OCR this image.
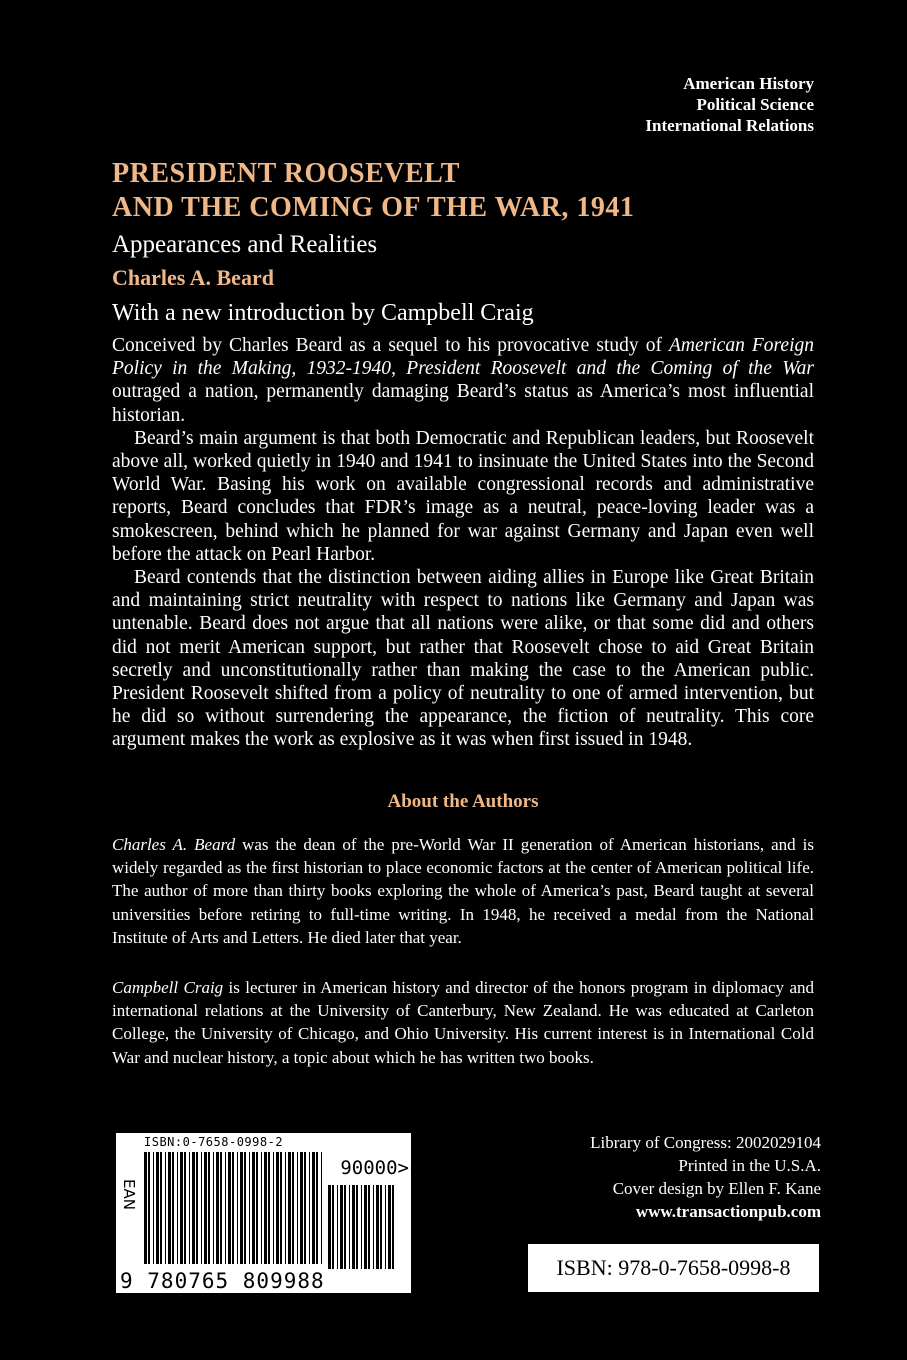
American History
Political Science
International Relations
PRESIDENT ROOSEVELT
AND THE COMING OF THE WAR, 1941
Appearances and Realities
Charles A. Beard
With a new introduction by Campbell Craig

Conceived by Charles Beard as a sequel to his provocative study of American Foreign Policy in the Making, 1932-1940, President Roosevelt and the Coming of the War outraged a nation, permanently damaging Beard’s status as America’s most influential historian.

Beard’s main argument is that both Democratic and Republican leaders, but Roosevelt above all, worked quietly in 1940 and 1941 to insinuate the United States into the Second World War. Basing his work on available congressional records and administrative reports, Beard concludes that FDR’s image as a neutral, peace-loving leader was a smokescreen, behind which he planned for war against Germany and Japan even well before the attack on Pearl Harbor.

Beard contends that the distinction between aiding allies in Europe like Great Britain and maintaining strict neutrality with respect to nations like Germany and Japan was untenable. Beard does not argue that all nations were alike, or that some did and others did not merit American support, but rather that Roosevelt chose to aid Great Britain secretly and unconstitutionally rather than making the case to the American public. President Roosevelt shifted from a policy of neutrality to one of armed intervention, but he did so without surrendering the appearance, the fiction of neutrality. This core argument makes the work as explosive as it was when first issued in 1948.

About the Authors

Charles A. Beard was the dean of the pre-World War II generation of American historians, and is widely regarded as the first historian to place economic factors at the center of American political life. The author of more than thirty books exploring the whole of America’s past, Beard taught at several universities before retiring to full-time writing. In 1948, he received a medal from the National Institute of Arts and Letters. He died later that year.

Campbell Craig is lecturer in American history and director of the honors program in diplomacy and international relations at the University of Canterbury, New Zealand. He was educated at Carleton College, the University of Chicago, and Ohio University. His current interest is in International Cold War and nuclear history, a topic about which he has written two books.

ISBN:0-7658-0998-2
EAN
90000>
9 780765 809988
Library of Congress: 2002029104
Printed in the U.S.A.
Cover design by Ellen F. Kane
www.transactionpub.com
ISBN: 978-0-7658-0998-8
